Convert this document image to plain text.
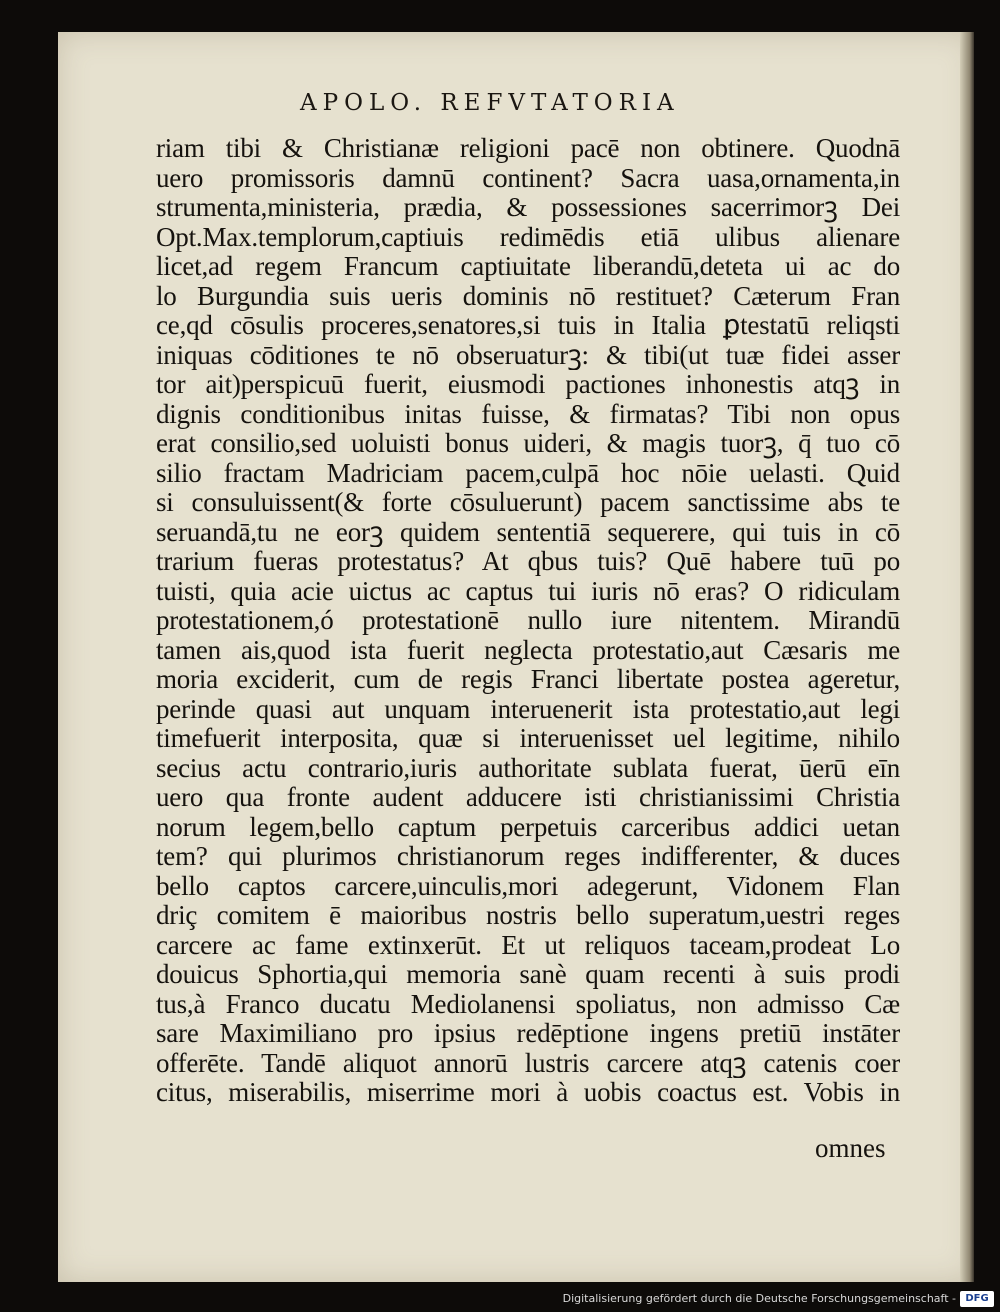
APOLO. REFVTATORIA

riam tibi & Christianæ religioni pacē non obtinere. Quodnā
uero promissoris damnū continent? Sacra uasa,ornamenta,in
strumenta,ministeria, prædia, & possessiones sacerrimorꝫ Dei
Opt.Max.templorum,captiuis redimēdis etiā ulibus alienare
licet,ad regem Francum captiuitate liberandū,deteta ui ac do
lo Burgundia suis ueris dominis nō restituet? Cæterum Fran
ce,qd cōsulis proceres,senatores,si tuis in Italia ꝑtestatū reliqsti
iniquas cōditiones te nō obseruaturꝫ: & tibi(ut tuæ fidei asser
tor ait)perspicuū fuerit, eiusmodi pactiones inhonestis atqꝫ in
dignis conditionibus initas fuisse, & firmatas? Tibi non opus
erat consilio,sed uoluisti bonus uideri, & magis tuorꝫ, q̄ tuo cō
silio fractam Madriciam pacem,culpā hoc nōie uelasti. Quid
si consuluissent(& forte cōsuluerunt) pacem sanctissime abs te
seruandā,tu ne eorꝫ quidem sententiā sequerere, qui tuis in cō
trarium fueras protestatus? At qbus tuis? Quē habere tuū po
tuisti, quia acie uictus ac captus tui iuris nō eras? O ridiculam
protestationem,ó protestationē nullo iure nitentem. Mirandū
tamen ais,quod ista fuerit neglecta protestatio,aut Cæsaris me
moria exciderit, cum de regis Franci libertate postea ageretur,
perinde quasi aut unquam interuenerit ista protestatio,aut legi
timefuerit interposita, quæ si interuenisset uel legitime, nihilo
secius actu contrario,iuris authoritate sublata fuerat, ūerū eīn
uero qua fronte audent adducere isti christianissimi Christia
norum legem,bello captum perpetuis carceribus addici uetan
tem? qui plurimos christianorum reges indifferenter, & duces
bello captos carcere,uinculis,mori adegerunt, Vidonem Flan
driç comitem ē maioribus nostris bello superatum,uestri reges
carcere ac fame extinxerūt. Et ut reliquos taceam,prodeat Lo
douicus Sphortia,qui memoria sanè quam recenti à suis prodi
tus,à Franco ducatu Mediolanensi spoliatus, non admisso Cæ
sare Maximiliano pro ipsius redēptione ingens pretiū instāter
offerēte. Tandē aliquot annorū lustris carcere atqꝫ catenis coer
citus, miserabilis, miserrime mori à uobis coactus est. Vobis in

omnes

Digitalisierung gefördert durch die Deutsche Forschungsgemeinschaft - DFG
